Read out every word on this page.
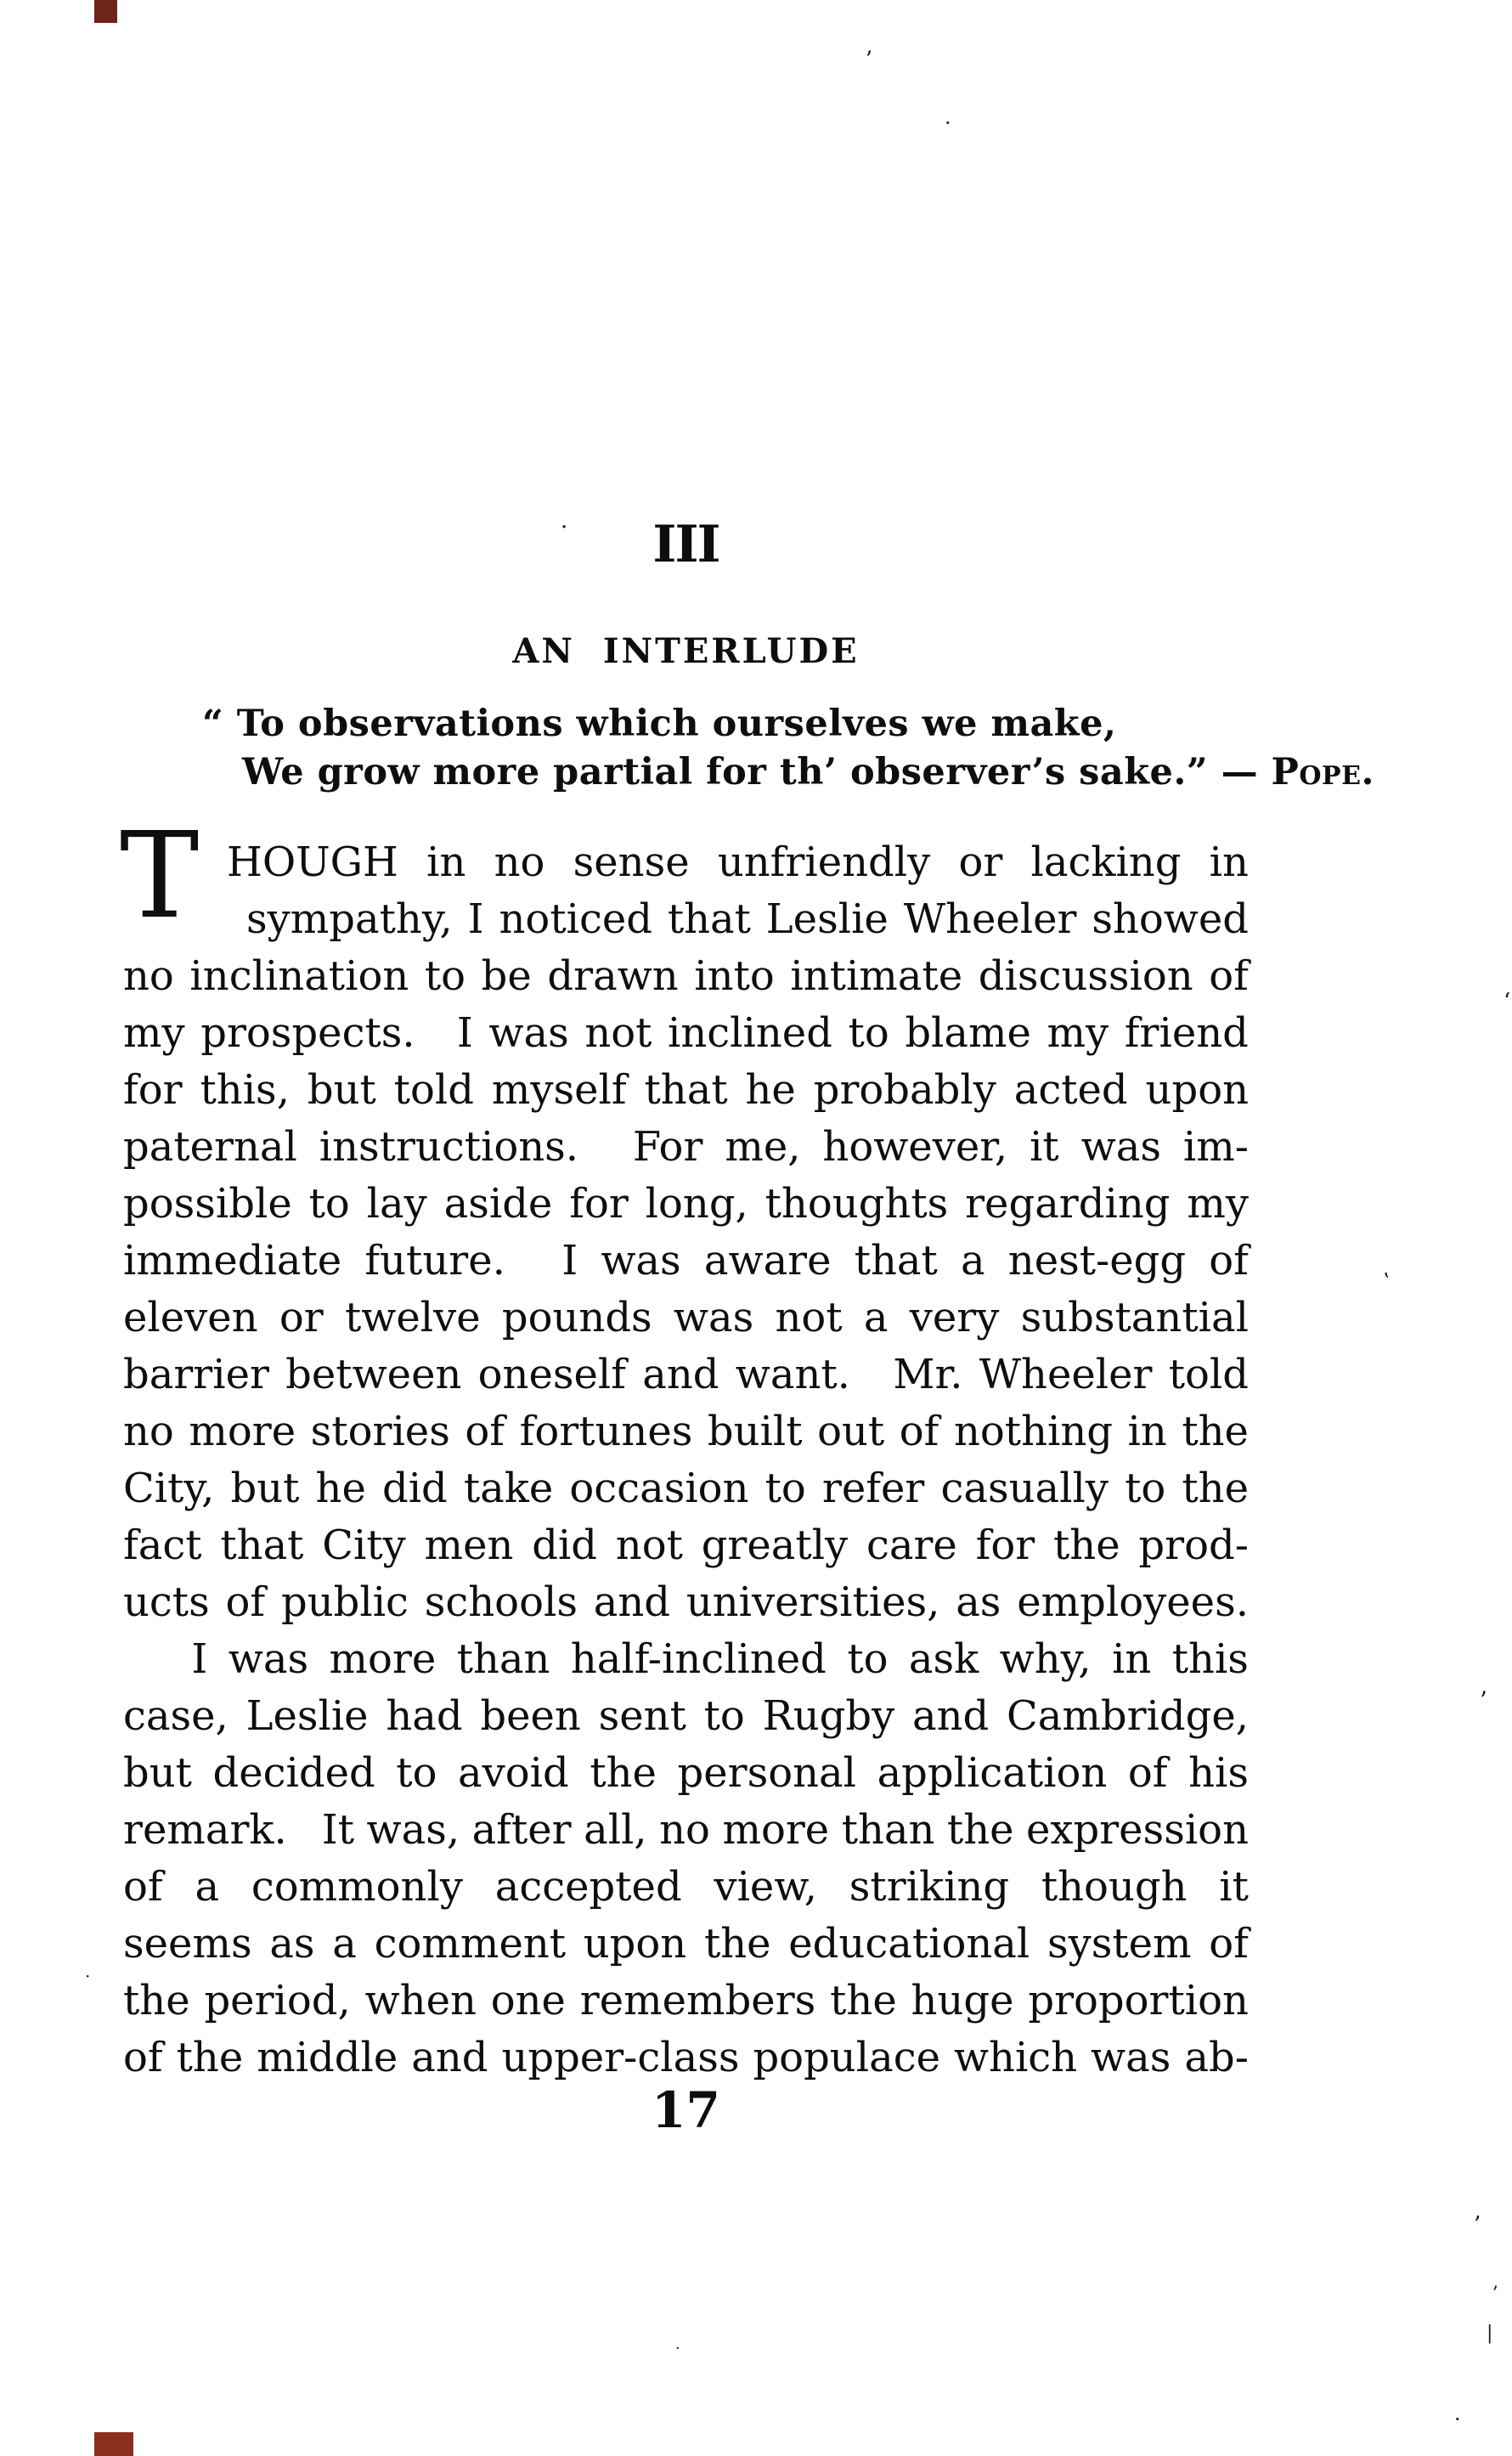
III
AN INTERLUDE
“ To observations which ourselves we make,
We grow more partial for th’ observer’s sake.” — Pope.
T HOUGH in no sense unfriendly or lacking in
sympathy, I noticed that Leslie Wheeler showed
no inclination to be drawn into intimate discussion of
my prospects. I was not inclined to blame my friend
for this, but told myself that he probably acted upon
paternal instructions. For me, however, it was im-
possible to lay aside for long, thoughts regarding my
immediate future. I was aware that a nest-egg of
eleven or twelve pounds was not a very substantial
barrier between oneself and want. Mr. Wheeler told
no more stories of fortunes built out of nothing in the
City, but he did take occasion to refer casually to the
fact that City men did not greatly care for the prod-
ucts of public schools and universities, as employees.
I was more than half-inclined to ask why, in this
case, Leslie had been sent to Rugby and Cambridge,
but decided to avoid the personal application of his
remark. It was, after all, no more than the expression
of a commonly accepted view, striking though it
seems as a comment upon the educational system of
the period, when one remembers the huge proportion
of the middle and upper-class populace which was ab-
17
ʼ
·
·
ʻ
ʽ
’
’
ʼ
|
·
·
·
